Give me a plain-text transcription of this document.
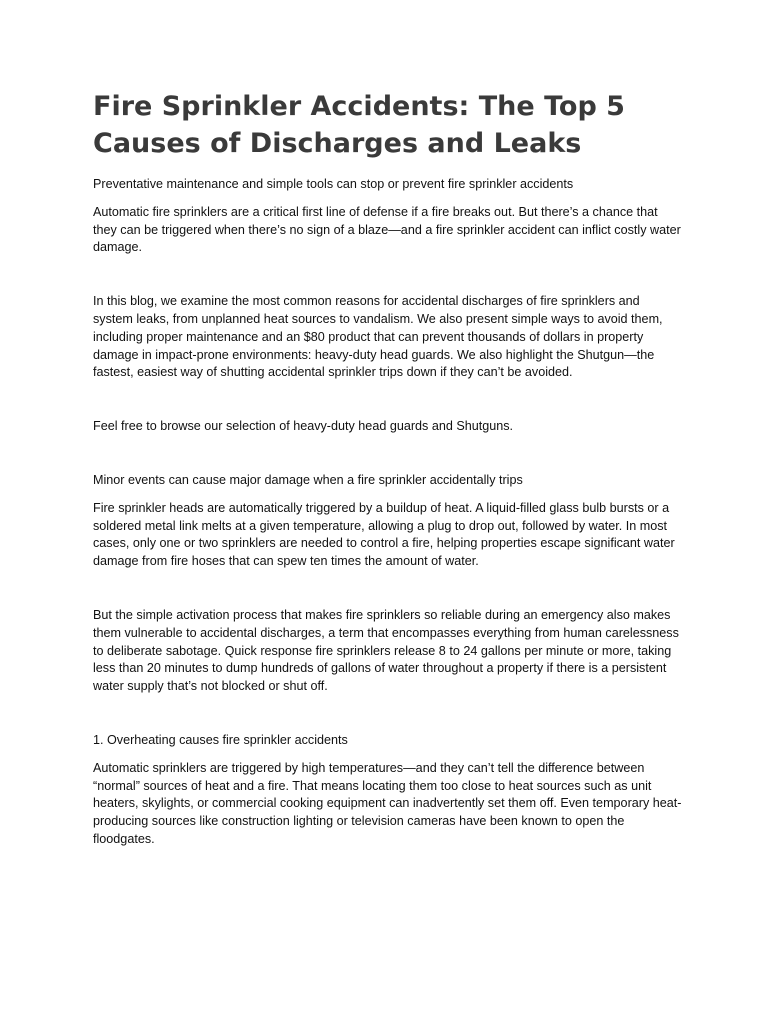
Fire Sprinkler Accidents: The Top 5 Causes of Discharges and Leaks

Preventative maintenance and simple tools can stop or prevent fire sprinkler accidents

Automatic fire sprinklers are a critical first line of defense if a fire breaks out. But there’s a chance that they can be triggered when there’s no sign of a blaze—and a fire sprinkler accident can inflict costly water damage.

In this blog, we examine the most common reasons for accidental discharges of fire sprinklers and system leaks, from unplanned heat sources to vandalism. We also present simple ways to avoid them, including proper maintenance and an $80 product that can prevent thousands of dollars in property damage in impact-prone environments: heavy-duty head guards. We also highlight the Shutgun—the fastest, easiest way of shutting accidental sprinkler trips down if they can’t be avoided.

Feel free to browse our selection of heavy-duty head guards and Shutguns.

Minor events can cause major damage when a fire sprinkler accidentally trips

Fire sprinkler heads are automatically triggered by a buildup of heat. A liquid-filled glass bulb bursts or a soldered metal link melts at a given temperature, allowing a plug to drop out, followed by water. In most cases, only one or two sprinklers are needed to control a fire, helping properties escape significant water damage from fire hoses that can spew ten times the amount of water.

But the simple activation process that makes fire sprinklers so reliable during an emergency also makes them vulnerable to accidental discharges, a term that encompasses everything from human carelessness to deliberate sabotage. Quick response fire sprinklers release 8 to 24 gallons per minute or more, taking less than 20 minutes to dump hundreds of gallons of water throughout a property if there is a persistent water supply that’s not blocked or shut off.

1. Overheating causes fire sprinkler accidents

Automatic sprinklers are triggered by high temperatures—and they can’t tell the difference between “normal” sources of heat and a fire. That means locating them too close to heat sources such as unit heaters, skylights, or commercial cooking equipment can inadvertently set them off. Even temporary heat-producing sources like construction lighting or television cameras have been known to open the floodgates.
